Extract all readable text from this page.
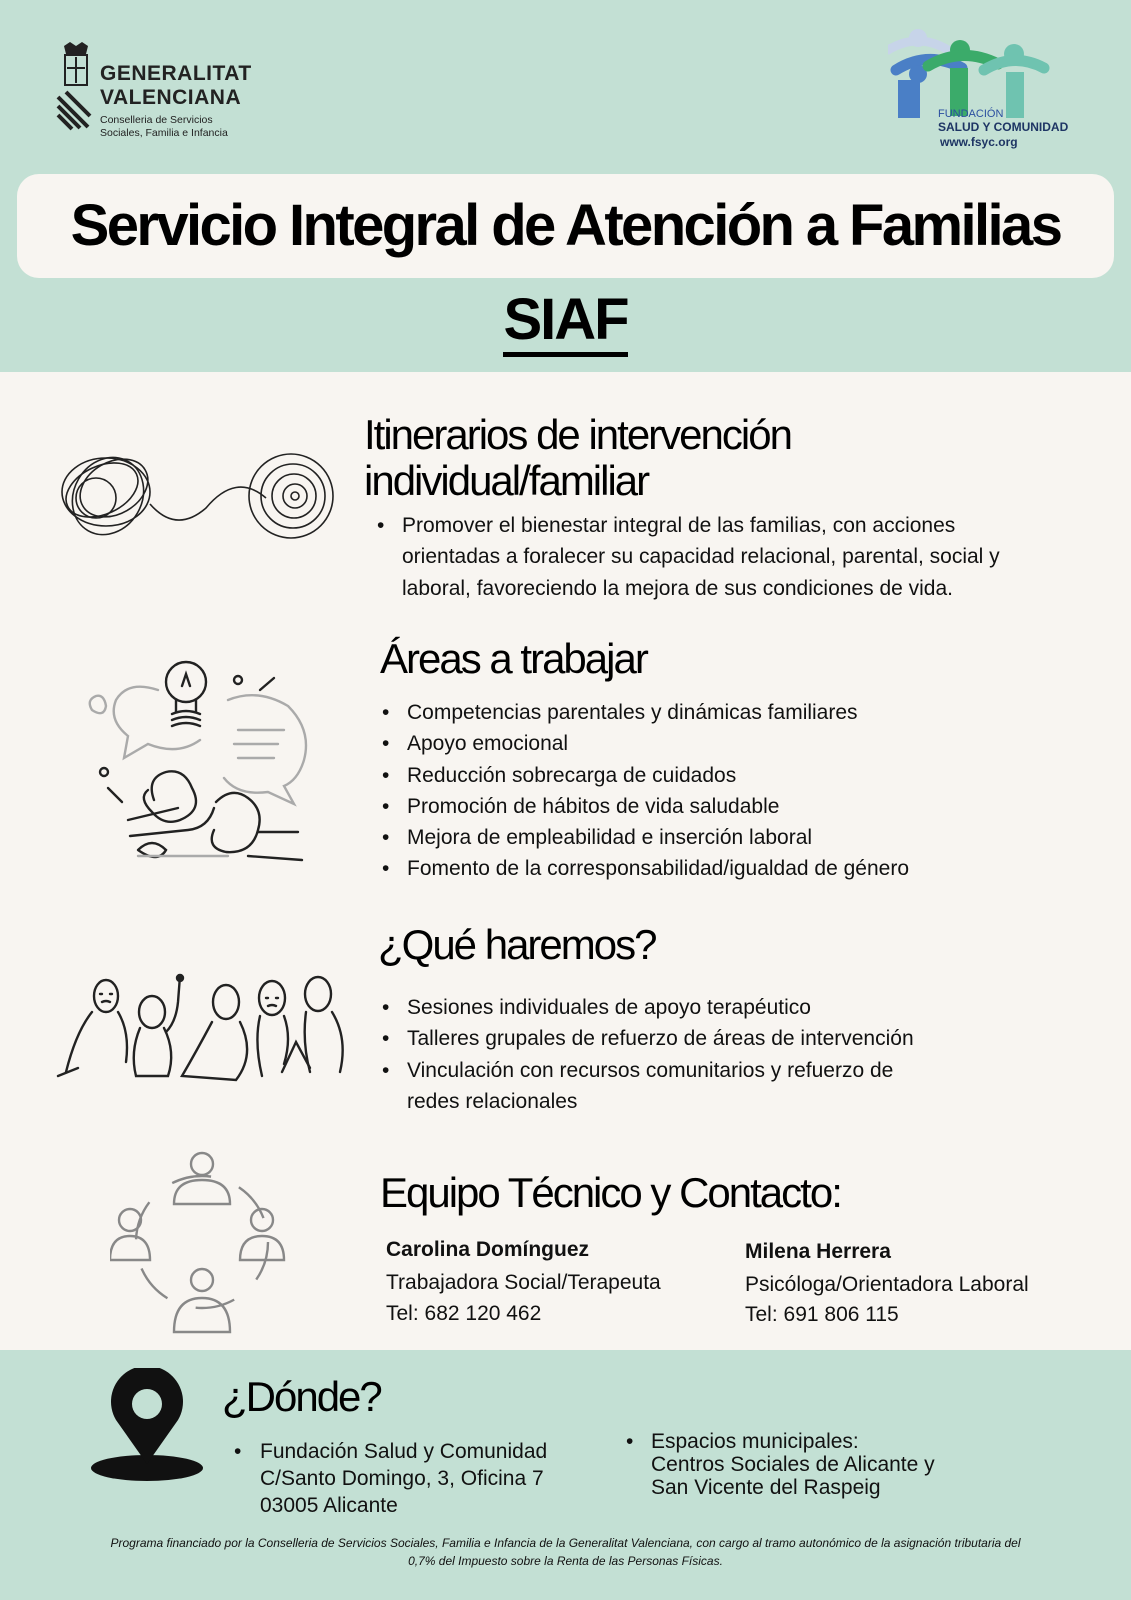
GENERALITAT
VALENCIANA
Conselleria de Servicios
Sociales, Familia e Infancia
FUNDACIÓN
SALUD Y COMUNIDAD
www.fsyc.org
Servicio Integral de Atención a Familias
SIAF
Itinerarios de intervención
individual/familiar
• Promover el bienestar integral de las familias, con acciones
orientadas a foralecer su capacidad relacional, parental, social y
laboral, favoreciendo la mejora de sus condiciones de vida.
Áreas a trabajar
• Competencias parentales y dinámicas familiares
• Apoyo emocional
• Reducción sobrecarga de cuidados
• Promoción de hábitos de vida saludable
• Mejora de empleabilidad e inserción laboral
• Fomento de la corresponsabilidad/igualdad de género
¿Qué haremos?
• Sesiones individuales de apoyo terapéutico
• Talleres grupales de refuerzo de áreas de intervención
• Vinculación con recursos comunitarios y refuerzo de
redes relacionales
Equipo Técnico y Contacto:
Carolina Domínguez
Trabajadora Social/Terapeuta
Tel: 682 120 462
Milena Herrera
Psicóloga/Orientadora Laboral
Tel: 691 806 115
¿Dónde?
• Fundación Salud y Comunidad
C/Santo Domingo, 3, Oficina 7
03005 Alicante
• Espacios municipales:
Centros Sociales de Alicante y
San Vicente del Raspeig
Programa financiado por la Conselleria de Servicios Sociales, Familia e Infancia de la Generalitat Valenciana, con cargo al tramo autonómico de la asignación tributaria del
0,7% del Impuesto sobre la Renta de las Personas Físicas.
